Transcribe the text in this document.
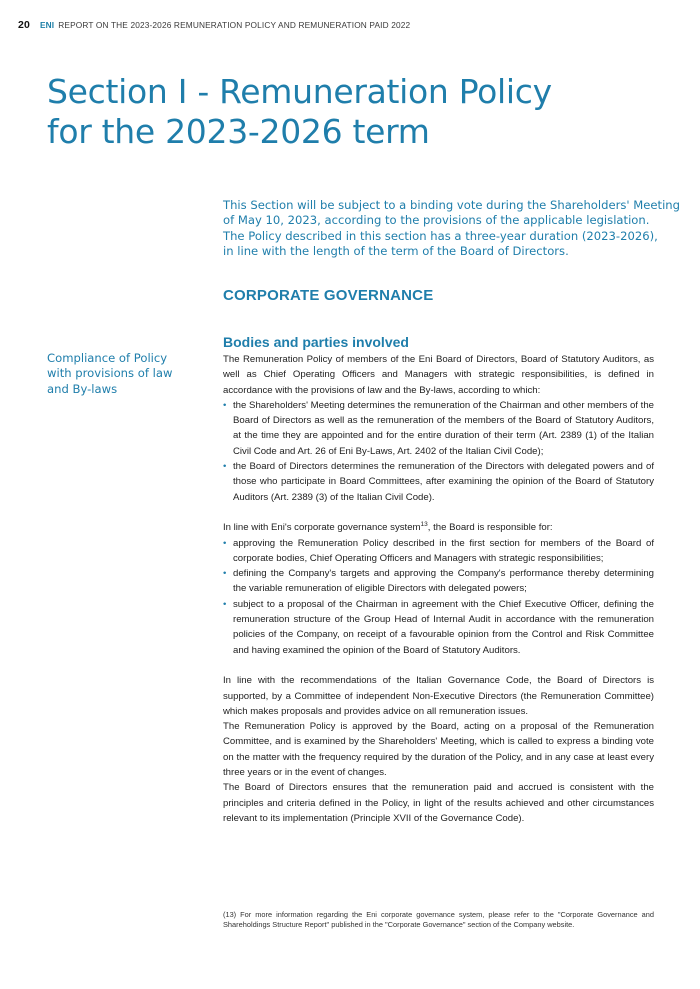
20 ENI REPORT ON THE 2023-2026 REMUNERATION POLICY AND REMUNERATION PAID 2022
Section I - Remuneration Policy
for the 2023-2026 term
This Section will be subject to a binding vote during the Shareholders' Meeting
of May 10, 2023, according to the provisions of the applicable legislation.
The Policy described in this section has a three-year duration (2023-2026),
in line with the length of the term of the Board of Directors.
CORPORATE GOVERNANCE
Bodies and parties involved
Compliance of Policy
with provisions of law
and By-laws

The Remuneration Policy of members of the Eni Board of Directors, Board of Statutory Auditors, as well as Chief Operating Officers and Managers with strategic responsibilities, is defined in accordance with the provisions of law and the By-laws, according to which:

• the Shareholders' Meeting determines the remuneration of the Chairman and other members of the Board of Directors as well as the remuneration of the members of the Board of Statutory Auditors, at the time they are appointed and for the entire duration of their term (Art. 2389 (1) of the Italian Civil Code and Art. 26 of Eni By-Laws, Art. 2402 of the Italian Civil Code);
• the Board of Directors determines the remuneration of the Directors with delegated powers and of those who participate in Board Committees, after examining the opinion of the Board of Statutory Auditors (Art. 2389 (3) of the Italian Civil Code).

In line with Eni's corporate governance system$^{13}$, the Board is responsible for:

• approving the Remuneration Policy described in the first section for members of the Board of corporate bodies, Chief Operating Officers and Managers with strategic responsibilities;
• defining the Company's targets and approving the Company's performance thereby determining the variable remuneration of eligible Directors with delegated powers;
• subject to a proposal of the Chairman in agreement with the Chief Executive Officer, defining the remuneration structure of the Group Head of Internal Audit in accordance with the remuneration policies of the Company, on receipt of a favourable opinion from the Control and Risk Committee and having examined the opinion of the Board of Statutory Auditors.

In line with the recommendations of the Italian Governance Code, the Board of Directors is supported, by a Committee of independent Non-Executive Directors (the Remuneration Committee) which makes proposals and provides advice on all remuneration issues.

The Remuneration Policy is approved by the Board, acting on a proposal of the Remuneration Committee, and is examined by the Shareholders' Meeting, which is called to express a binding vote on the matter with the frequency required by the duration of the Policy, and in any case at least every three years or in the event of changes.

The Board of Directors ensures that the remuneration paid and accrued is consistent with the principles and criteria defined in the Policy, in light of the results achieved and other circumstances relevant to its implementation (Principle XVII of the Governance Code).

(13) For more information regarding the Eni corporate governance system, please refer to the "Corporate Governance and Shareholdings Structure Report" published in the "Corporate Governance" section of the Company website.
